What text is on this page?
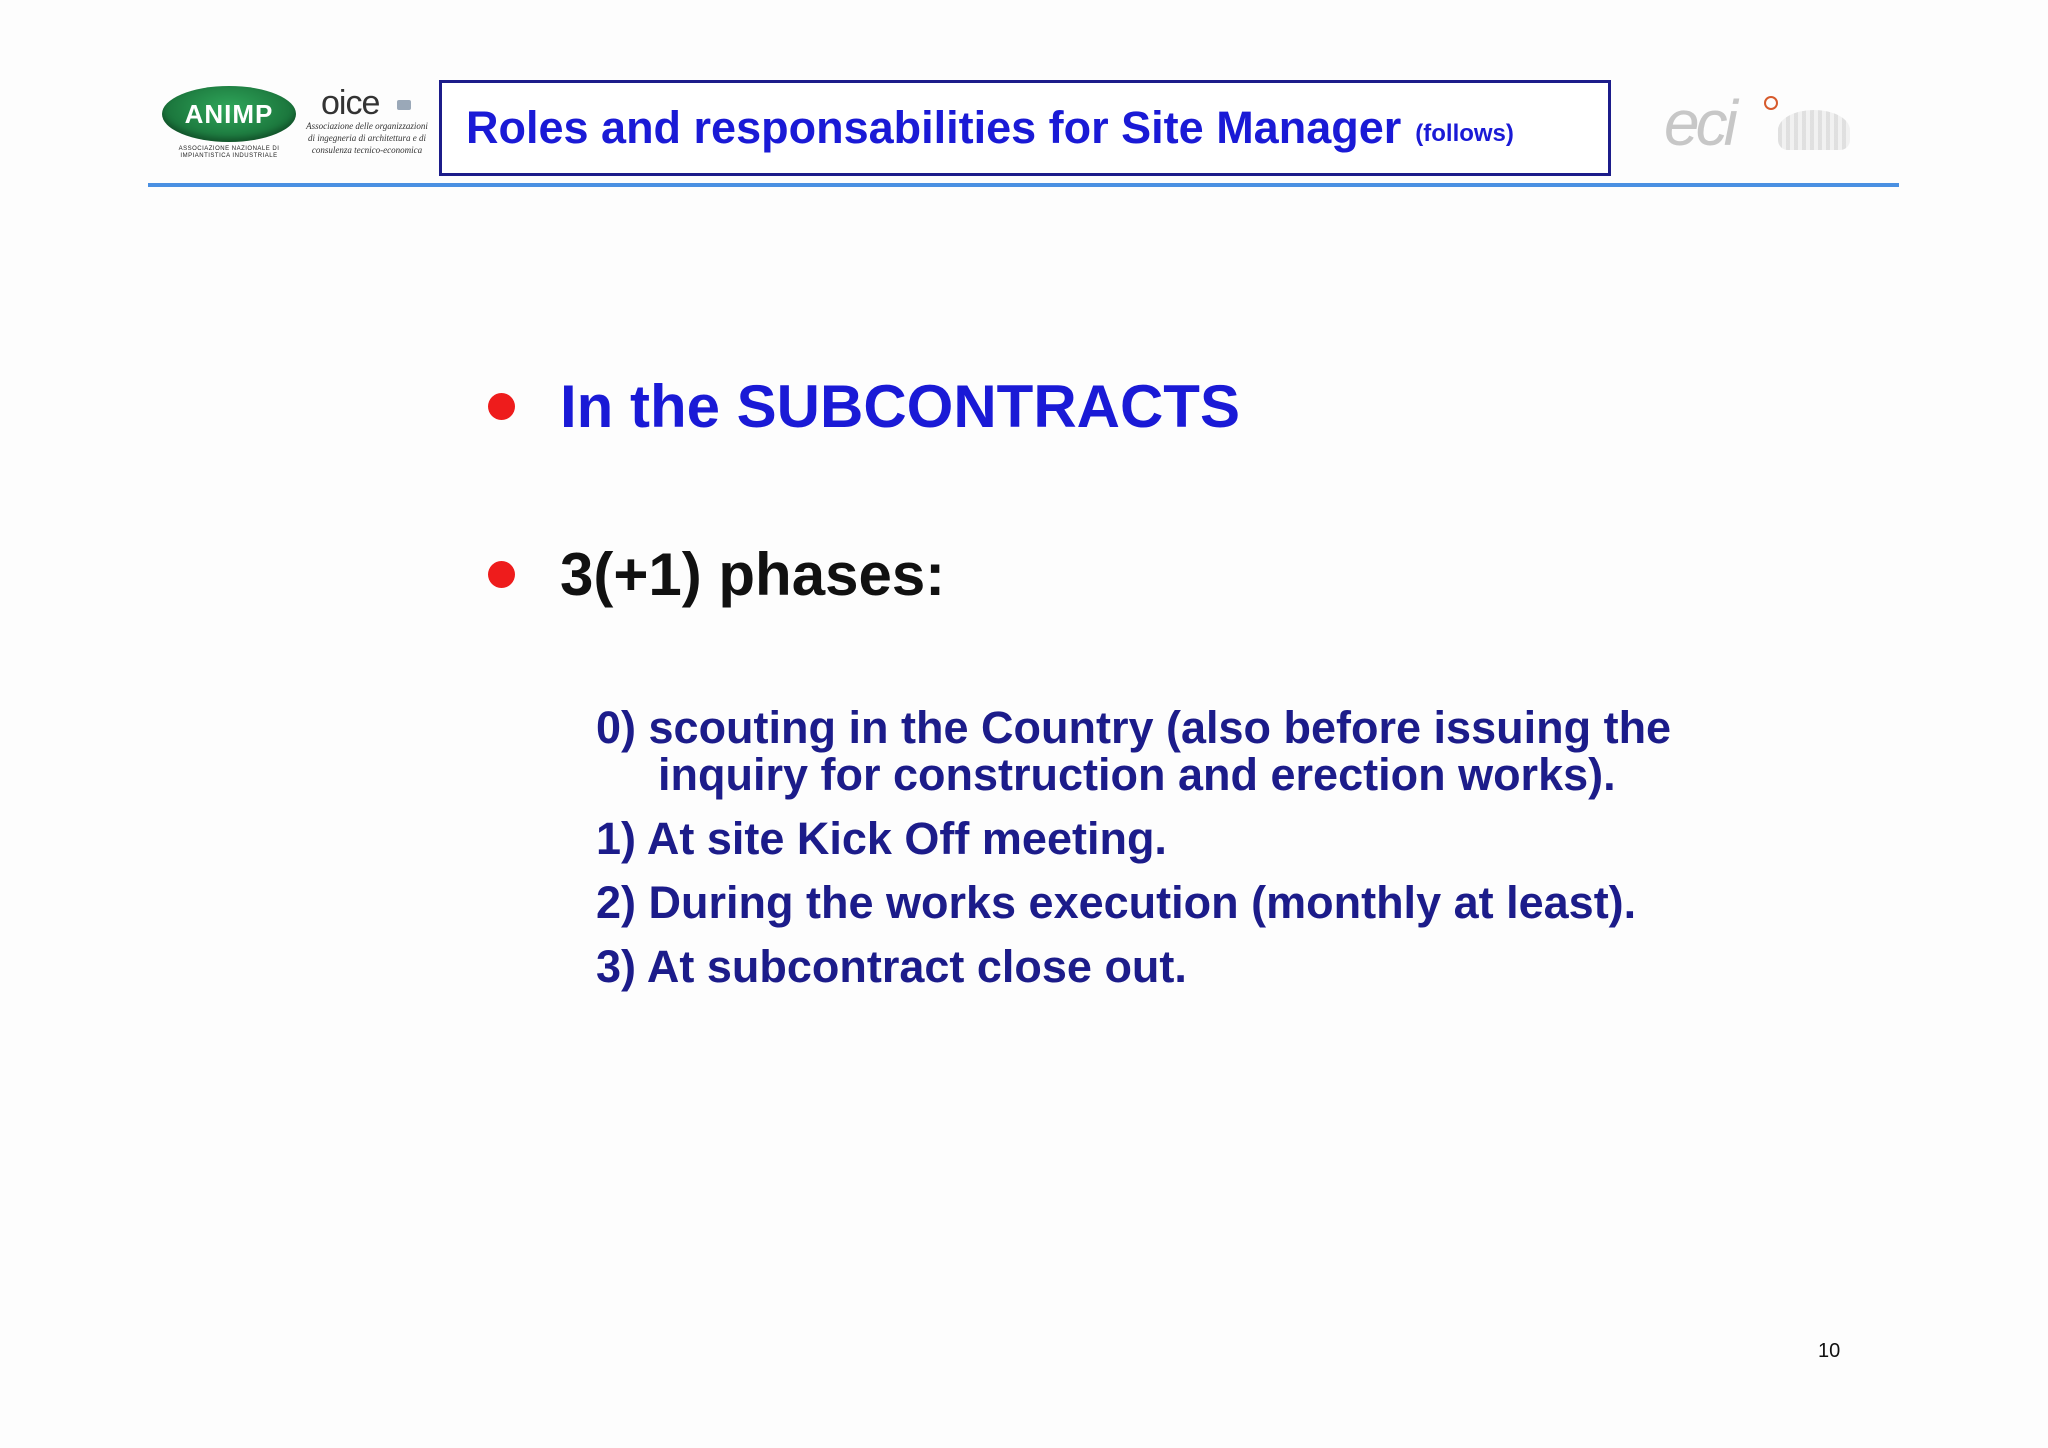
ANIMP
ASSOCIAZIONE NAZIONALE DI IMPIANTISTICA INDUSTRIALE
oice
Associazione delle organizzazioni di ingegneria di architettura e di consulenza tecnico-economica Roles and responsabilities for Site Manager (follows) eci
In the SUBCONTRACTS
3(+1) phases:

0) scouting in the Country (also before issuing the inquiry for construction and erection works).

1) At site Kick Off meeting.

2) During the works execution (monthly at least).

3) At subcontract close out.

10
